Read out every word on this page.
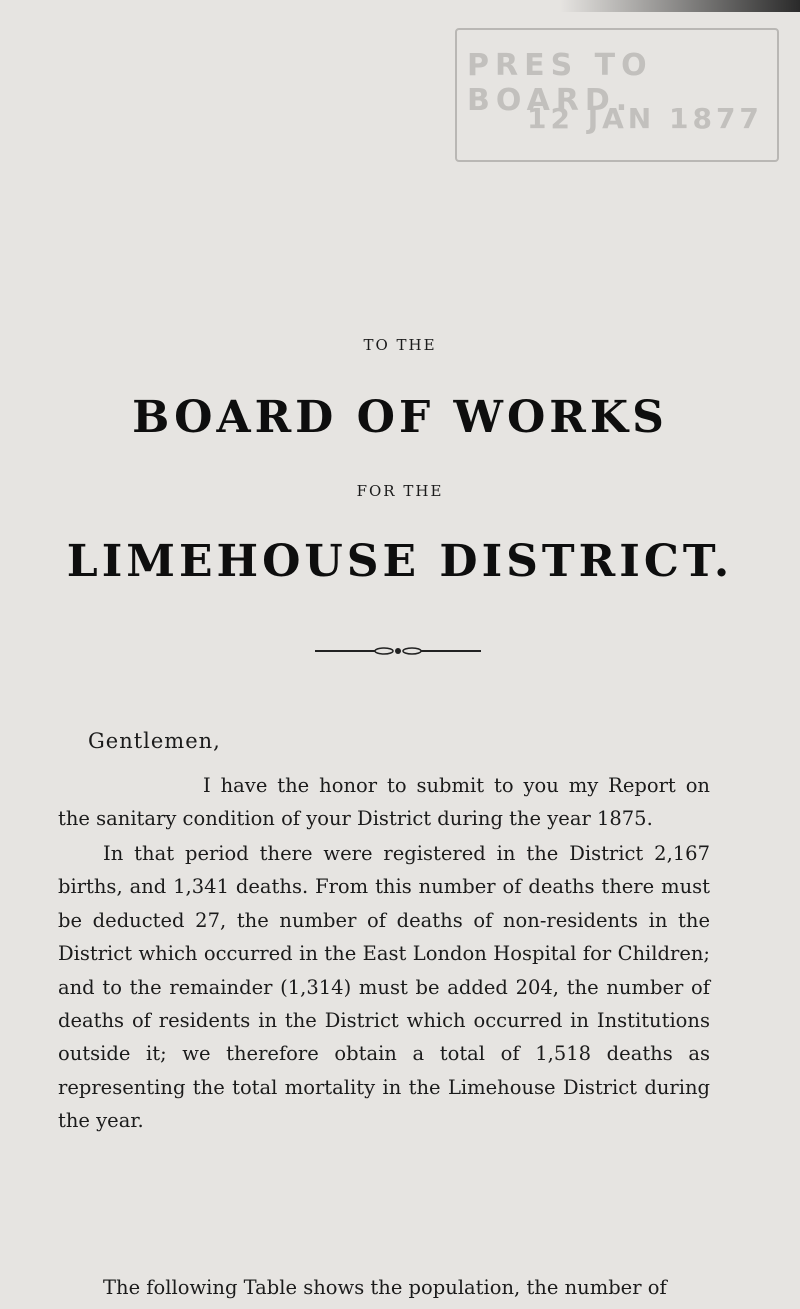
PRES TO BOARD.
12 JAN 1877
TO THE
BOARD OF WORKS
FOR THE
LIMEHOUSE DISTRICT.
Gentlemen,

I have the honor to submit to you my Report on the sanitary condition of your District during the year 1875.

In that period there were registered in the District 2,167 births, and 1,341 deaths. From this number of deaths there must be deducted 27, the number of deaths of non-residents in the District which occurred in the East London Hospital for Children; and to the remainder (1,314) must be added 204, the number of deaths of residents in the District which occurred in Institutions outside it; we therefore obtain a total of 1,518 deaths as representing the total mortality in the Limehouse District during the year.

The following Table shows the population, the number of
